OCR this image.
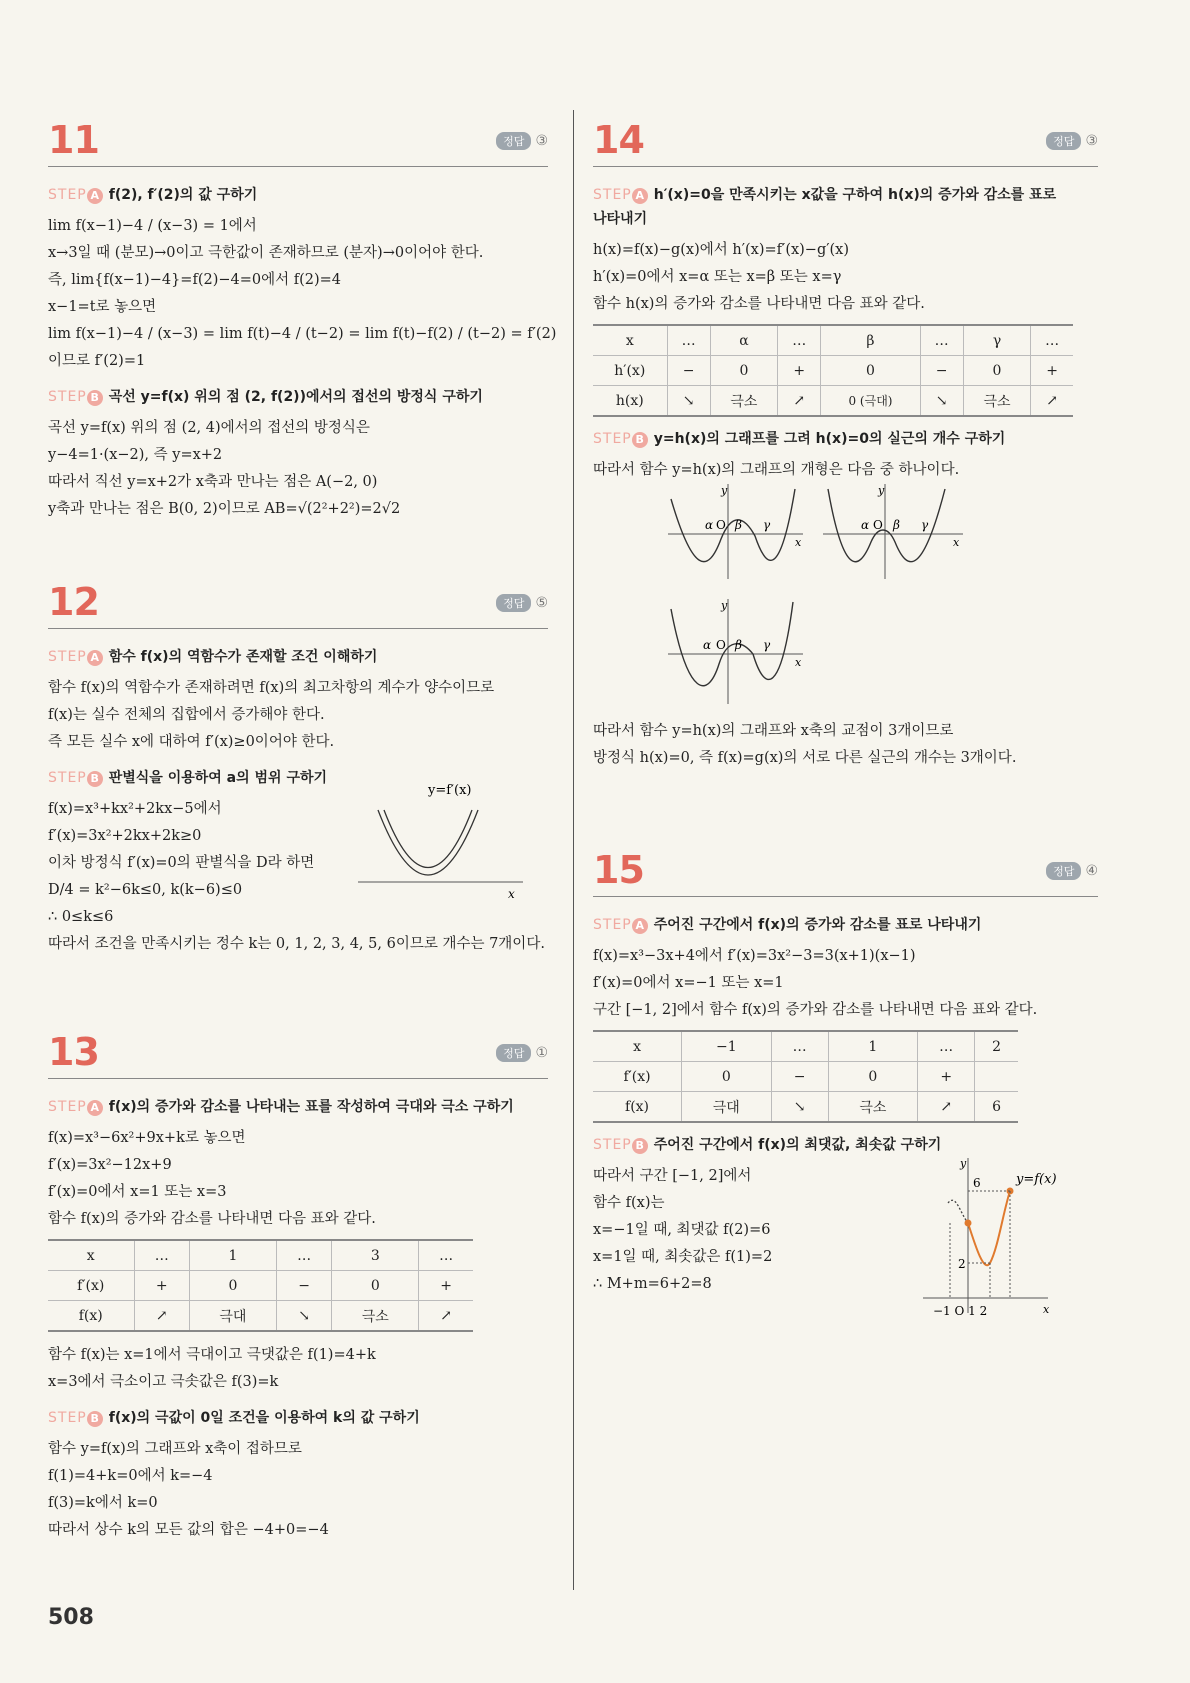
11	정답 ③
STEP A f(2), f′(2)의 값 구하기
lim f(x−1)−4 / (x−3) = 1에서
x→3일 때 (분모)→0이고 극한값이 존재하므로 (분자)→0이어야 한다.
즉, lim{f(x−1)−4}=f(2)−4=0에서 f(2)=4
x−1=t로 놓으면
lim f(x−1)−4 / (x−3) = lim f(t)−4 / (t−2) = lim f(t)−f(2) / (t−2) = f′(2)
이므로 f′(2)=1
STEP B 곡선 y=f(x) 위의 점 (2, f(2))에서의 접선의 방정식 구하기
곡선 y=f(x) 위의 점 (2, 4)에서의 접선의 방정식은
y−4=1·(x−2), 즉 y=x+2
따라서 직선 y=x+2가 x축과 만나는 점은 A(−2, 0)
y축과 만나는 점은 B(0, 2)이므로 AB=√(2²+2²)=2√2
12	정답 ⑤
STEP A 함수 f(x)의 역함수가 존재할 조건 이해하기
함수 f(x)의 역함수가 존재하려면 f(x)의 최고차항의 계수가 양수이므로
f(x)는 실수 전체의 집합에서 증가해야 한다.
즉 모든 실수 x에 대하여 f′(x)≥0이어야 한다.
STEP B 판별식을 이용하여 a의 범위 구하기
f(x)=x³+kx²+2kx−5에서
f′(x)=3x²+2kx+2k≥0
이차 방정식 f′(x)=0의 판별식을 D라 하면
D/4 = k²−6k≤0, k(k−6)≤0
∴ 0≤k≤6
따라서 조건을 만족시키는 정수 k는 0, 1, 2, 3, 4, 5, 6이므로 개수는 7개이다.
y=f′(x)
x
13	정답 ①
STEP A f(x)의 증가와 감소를 나타내는 표를 작성하여 극대와 극소 구하기
f(x)=x³−6x²+9x+k로 놓으면
f′(x)=3x²−12x+9
f′(x)=0에서 x=1 또는 x=3
함수 f(x)의 증가와 감소를 나타내면 다음 표와 같다.
x	…	1	…	3	…
f′(x)	+	0	−	0	+
f(x)	↗	극대	↘	극소	↗
함수 f(x)는 x=1에서 극대이고 극댓값은 f(1)=4+k
x=3에서 극소이고 극솟값은 f(3)=k
STEP B f(x)의 극값이 0일 조건을 이용하여 k의 값 구하기
함수 y=f(x)의 그래프와 x축이 접하므로
f(1)=4+k=0에서 k=−4
f(3)=k에서 k=0
따라서 상수 k의 모든 값의 합은 −4+0=−4
14	정답 ③
STEP A h′(x)=0을 만족시키는 x값을 구하여 h(x)의 증가와 감소를 표로 나타내기
h(x)=f(x)−g(x)에서 h′(x)=f′(x)−g′(x)
h′(x)=0에서 x=α 또는 x=β 또는 x=γ
함수 h(x)의 증가와 감소를 나타내면 다음 표와 같다.
x	…	α	…	β	…	γ	…
h′(x)	−	0	+	0	−	0	+
h(x)	↘	극소	↗	0 (극대)	↘	극소	↗
STEP B y=h(x)의 그래프를 그려 h(x)=0의 실근의 개수 구하기
따라서 함수 y=h(x)의 그래프의 개형은 다음 중 하나이다.
α O β γ
y
x
α O β γ
y
x
α O β γ
y
x
따라서 함수 y=h(x)의 그래프와 x축의 교점이 3개이므로
방정식 h(x)=0, 즉 f(x)=g(x)의 서로 다른 실근의 개수는 3개이다.
15	정답 ④
STEP A 주어진 구간에서 f(x)의 증가와 감소를 표로 나타내기
f(x)=x³−3x+4에서 f′(x)=3x²−3=3(x+1)(x−1)
f′(x)=0에서 x=−1 또는 x=1
구간 [−1, 2]에서 함수 f(x)의 증가와 감소를 나타내면 다음 표와 같다.
x	−1	…	1	…	2
f′(x)	0	−	0	+	
f(x)	극대	↘	극소	↗	6
STEP B 주어진 구간에서 f(x)의 최댓값, 최솟값 구하기
따라서 구간 [−1, 2]에서
함수 f(x)는
x=−1일 때, 최댓값 f(2)=6
x=1일 때, 최솟값은 f(1)=2
∴ M+m=6+2=8
6
2
−1 O 1 2
y
x
y=f(x)
508
